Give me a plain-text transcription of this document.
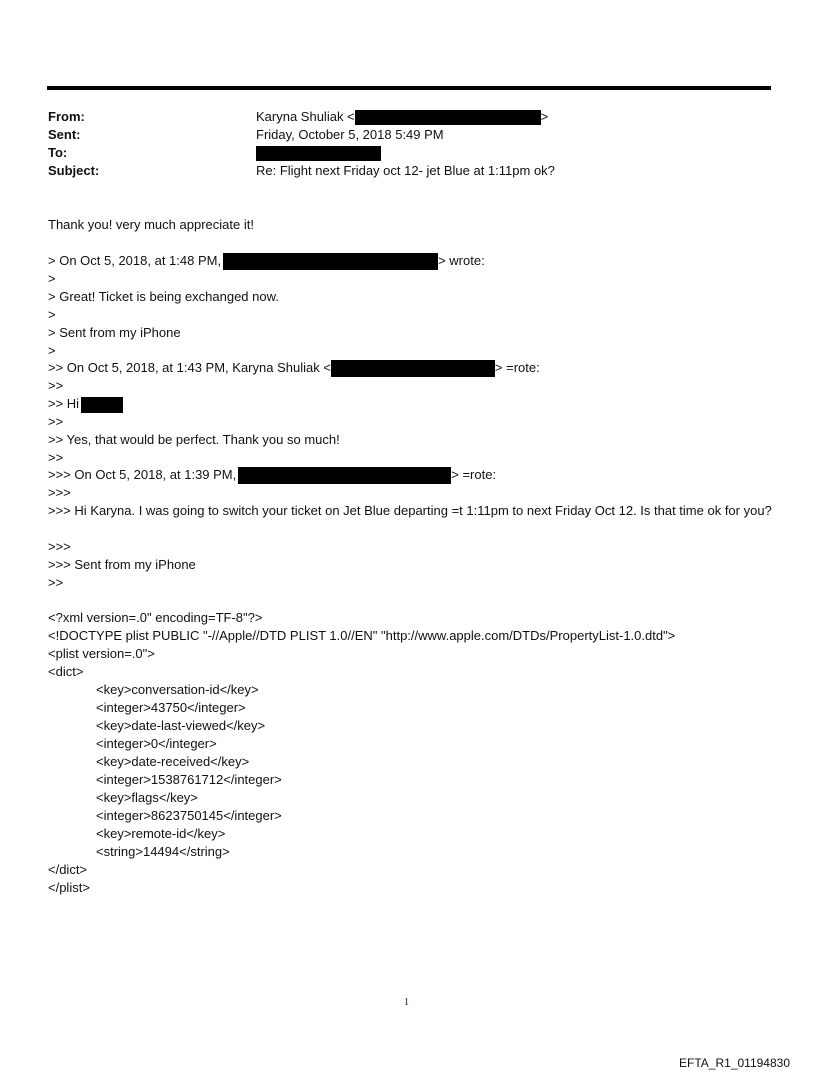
From:	Karyna Shuliak <	>
Sent:	Friday, October 5, 2018 5:49 PM
To:
Subject:	Re: Flight next Friday oct 12- jet Blue at 1:11pm ok?
Thank you! very much appreciate it!
> On Oct 5, 2018, at 1:48 PM,	> wrote:
>
> Great! Ticket is being exchanged now.
>
> Sent from my iPhone
>
>> On Oct 5, 2018, at 1:43 PM, Karyna Shuliak <	> =rote:
>>
>> Hi
>>
>> Yes, that would be perfect. Thank you so much!
>>
>>> On Oct 5, 2018, at 1:39 PM,	> =rote:
>>>
>>> Hi Karyna. I was going to switch your ticket on Jet Blue departing =t 1:11pm to next Friday Oct 12. Is that time ok for you?
>>>
>>> Sent from my iPhone
>>
<?xml version=.0" encoding=TF-8"?>
<!DOCTYPE plist PUBLIC "-//Apple//DTD PLIST 1.0//EN" "http://www.apple.com/DTDs/PropertyList-1.0.dtd">
<plist version=.0">
<dict>
<key>conversation-id</key>
<integer>43750</integer>
<key>date-last-viewed</key>
<integer>0</integer>
<key>date-received</key>
<integer>1538761712</integer>
<key>flags</key>
<integer>8623750145</integer>
<key>remote-id</key>
<string>14494</string>
</dict>
</plist>
1
EFTA_R1_01194830
